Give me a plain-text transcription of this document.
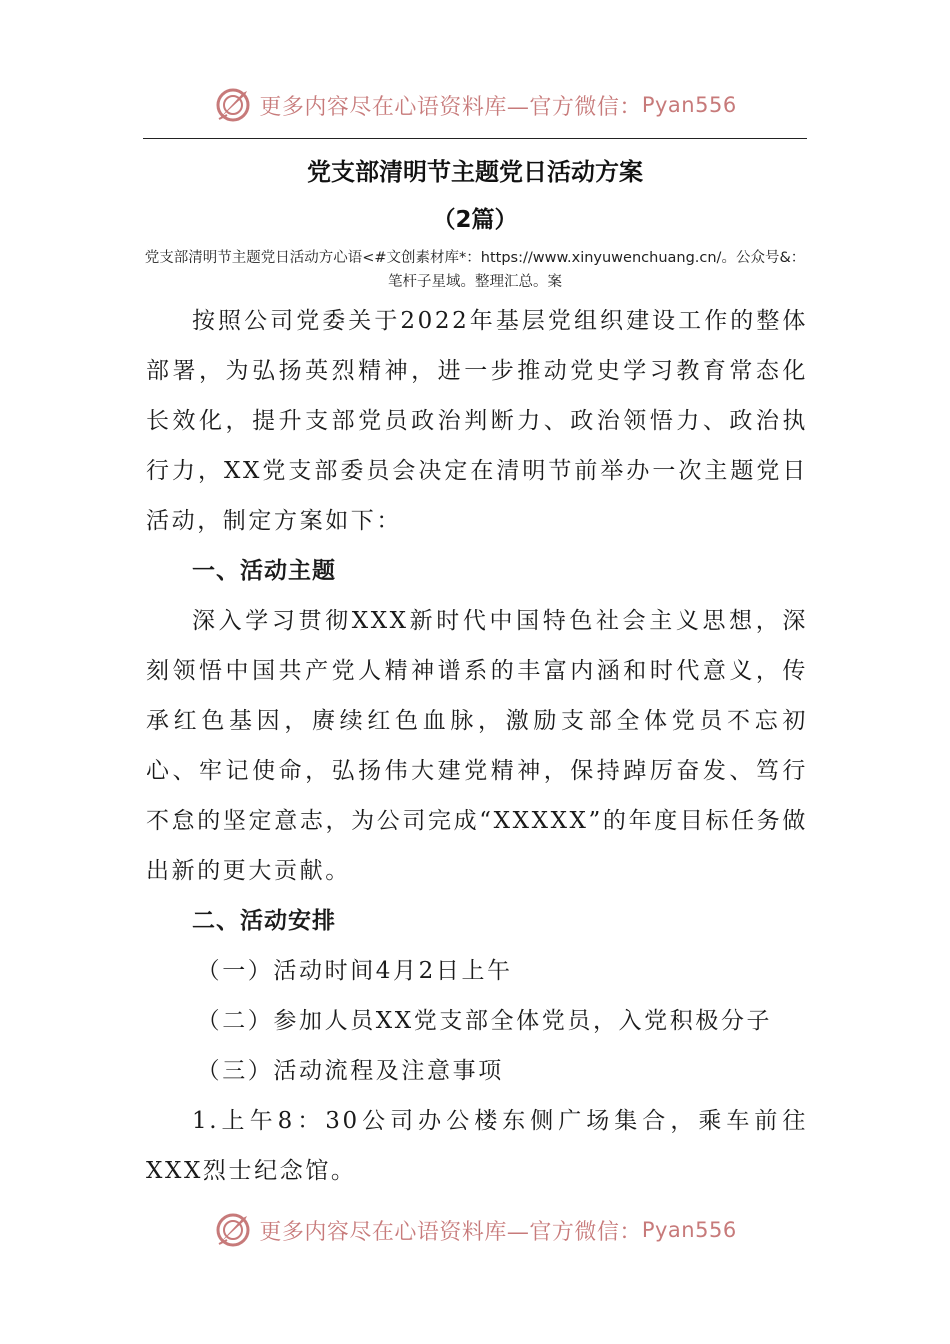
更多内容尽在心语资料库—官方微信： Pyan556
党支部清明节主题党日活动方案
（2篇）
党支部清明节主题党日活动方心语<#文创素材库*：https://www.xinyuwenchuang.cn/。公众号&：笔杆子星域。整理汇总。案

按照公司党委关于2022年基层党组织建设工作的整体部署，为弘扬英烈精神，进一步推动党史学习教育常态化长效化，提升支部党员政治判断力、政治领悟力、政治执行力，XX党支部委员会决定在清明节前举办一次主题党日活动，制定方案如下：

一、活动主题

深入学习贯彻XXX新时代中国特色社会主义思想，深刻领悟中国共产党人精神谱系的丰富内涵和时代意义，传承红色基因，赓续红色血脉，激励支部全体党员不忘初心、牢记使命，弘扬伟大建党精神，保持踔厉奋发、笃行不怠的坚定意志，为公司完成“XXXXX”的年度目标任务做出新的更大贡献。

二、活动安排

（一）活动时间4月2日上午

（二）参加人员XX党支部全体党员，入党积极分子

（三）活动流程及注意事项

1.上午8：30公司办公楼东侧广场集合，乘车前往XXX烈士纪念馆。

更多内容尽在心语资料库—官方微信： Pyan556
